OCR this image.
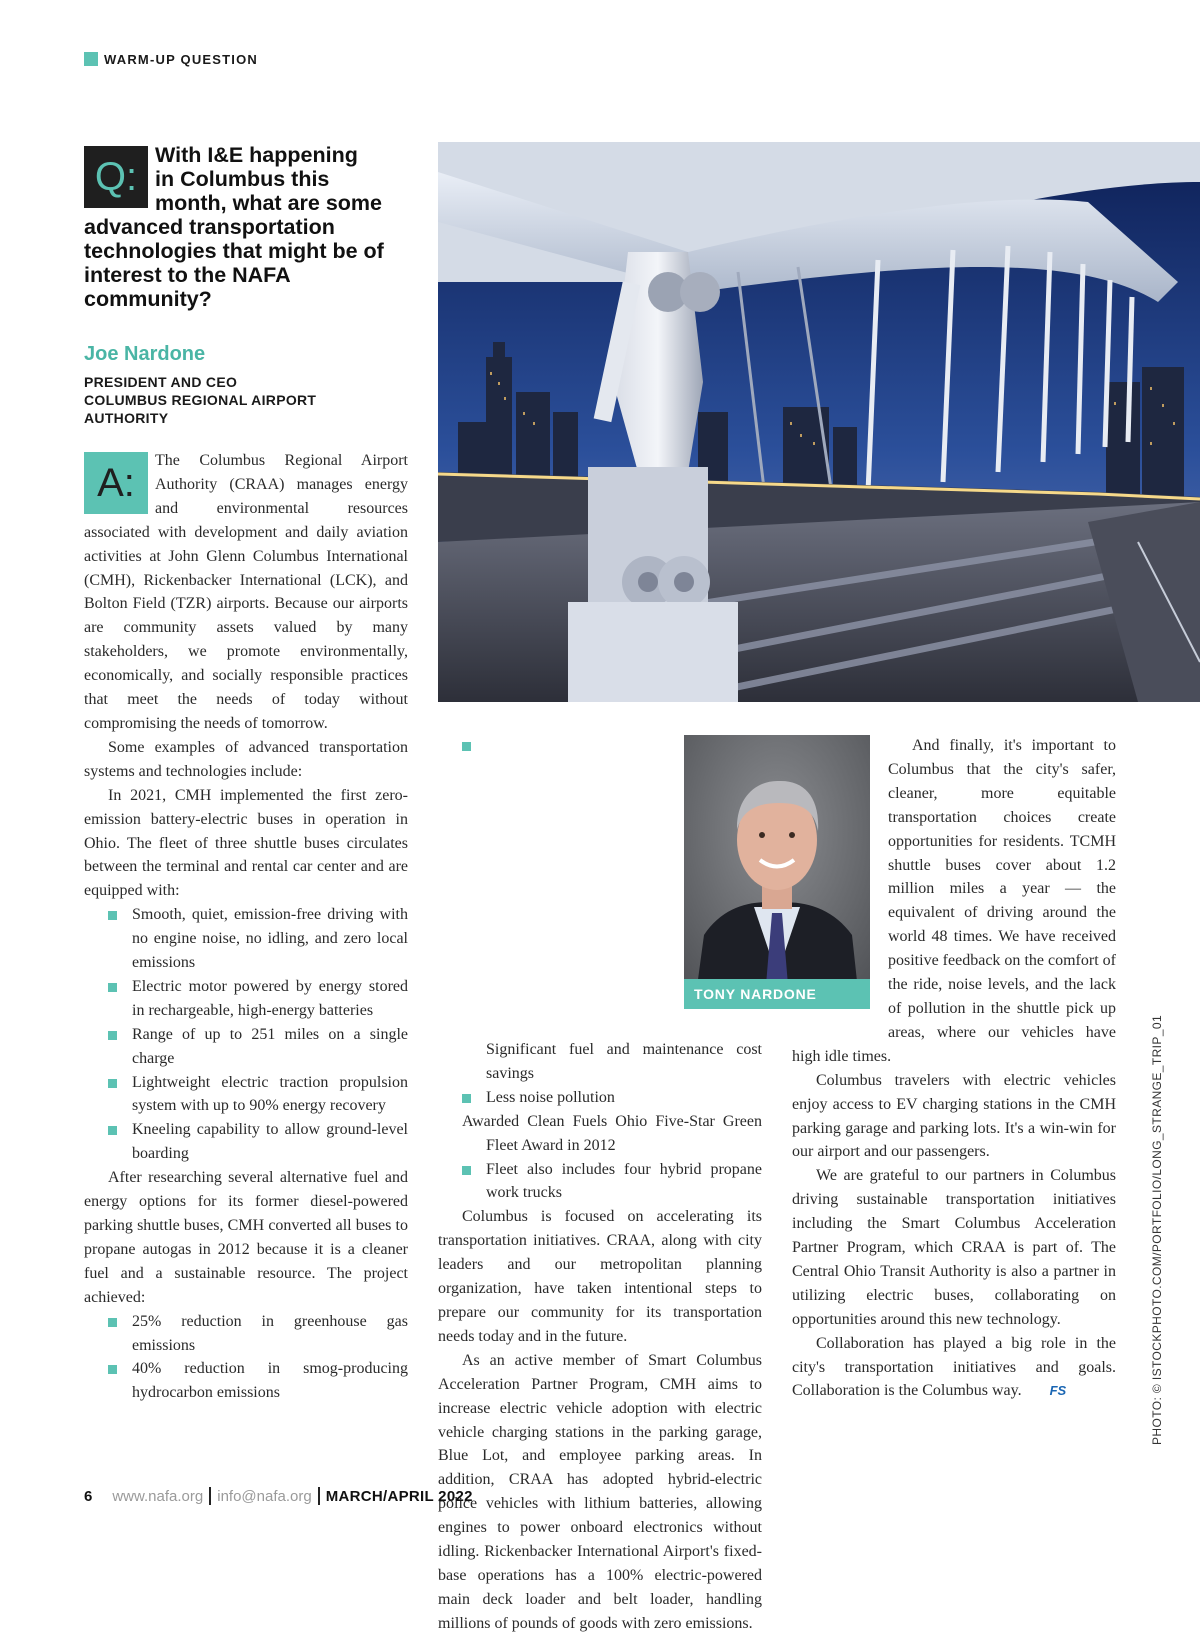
WARM-UP QUESTION
Q: With I&E happening
in Columbus this
month, what are some
advanced transportation technologies that might be of interest to the NAFA community?
Joe Nardone
PRESIDENT AND CEO
COLUMBUS REGIONAL AIRPORT
AUTHORITY
A:

The Columbus Regional Airport Authority (CRAA) manages energy and environmental resources associated with development and daily aviation activities at John Glenn Columbus International (CMH), Rickenbacker International (LCK), and Bolton Field (TZR) airports. Because our airports are community assets valued by many stakeholders, we promote environmentally, economically, and socially responsible practices that meet the needs of today without compromising the needs of tomorrow.

Some examples of advanced transportation systems and technologies include:

In 2021, CMH implemented the first zero-emission battery-electric buses in operation in Ohio. The fleet of three shuttle buses circulates between the terminal and rental car center and are equipped with:

Smooth, quiet, emission-free driving with no engine noise, no idling, and zero local emissions
Electric motor powered by energy stored in rechargeable, high-energy batteries
Range of up to 251 miles on a single charge
Lightweight electric traction propulsion system with up to 90% energy recovery
Kneeling capability to allow ground-level boarding

After researching several alternative fuel and energy options for its former diesel-powered parking shuttle buses, CMH converted all buses to propane autogas in 2012 because it is a cleaner fuel and a sustainable resource. The project achieved:

25% reduction in greenhouse gas emissions
40% reduction in smog-producing hydrocarbon emissions
Significant fuel and maintenance cost savings
Less noise pollution

Awarded Clean Fuels Ohio Five-Star Green Fleet Award in 2012

Fleet also includes four hybrid propane work trucks

Columbus is focused on accelerating its transportation initiatives. CRAA, along with city leaders and our metropolitan planning organization, have taken intentional steps to prepare our community for its transportation needs today and in the future.

As an active member of Smart Columbus Acceleration Partner Program, CMH aims to increase electric vehicle adoption with electric vehicle charging stations in the parking garage, Blue Lot, and employee parking areas. In addition, CRAA has adopted hybrid-electric police vehicles with lithium batteries, allowing engines to power onboard electronics without idling. Rickenbacker International Airport's fixed-base operations has a 100% electric-powered main deck loader and belt loader, handling millions of pounds of goods with zero emissions.

TONY NARDONE

And finally, it's important to Columbus that the city's safer, cleaner, more equitable transportation choices create opportunities for residents. TCMH shuttle buses cover about 1.2 million miles a year — the equivalent of driving around the world 48 times. We have received positive feedback on the comfort of the ride, noise levels, and the lack of pollution in the shuttle pick up areas, where our vehicles have high idle times.

Columbus travelers with electric vehicles enjoy access to EV charging stations in the CMH parking garage and parking lots. It's a win-win for our airport and our passengers.

We are grateful to our partners in Columbus driving sustainable transportation initiatives including the Smart Columbus Acceleration Partner Program, which CRAA is part of. The Central Ohio Transit Authority is also a partner in utilizing electric buses, collaborating on opportunities around this new technology.

Collaboration has played a big role in the city's transportation initiatives and goals. Collaboration is the Columbus way. FS	PHOTO: © ISTOCKPHOTO.COM/PORTFOLIO/LONG_STRANGE_TRIP_01
6 www.nafa.org info@nafa.org MARCH/APRIL 2022
